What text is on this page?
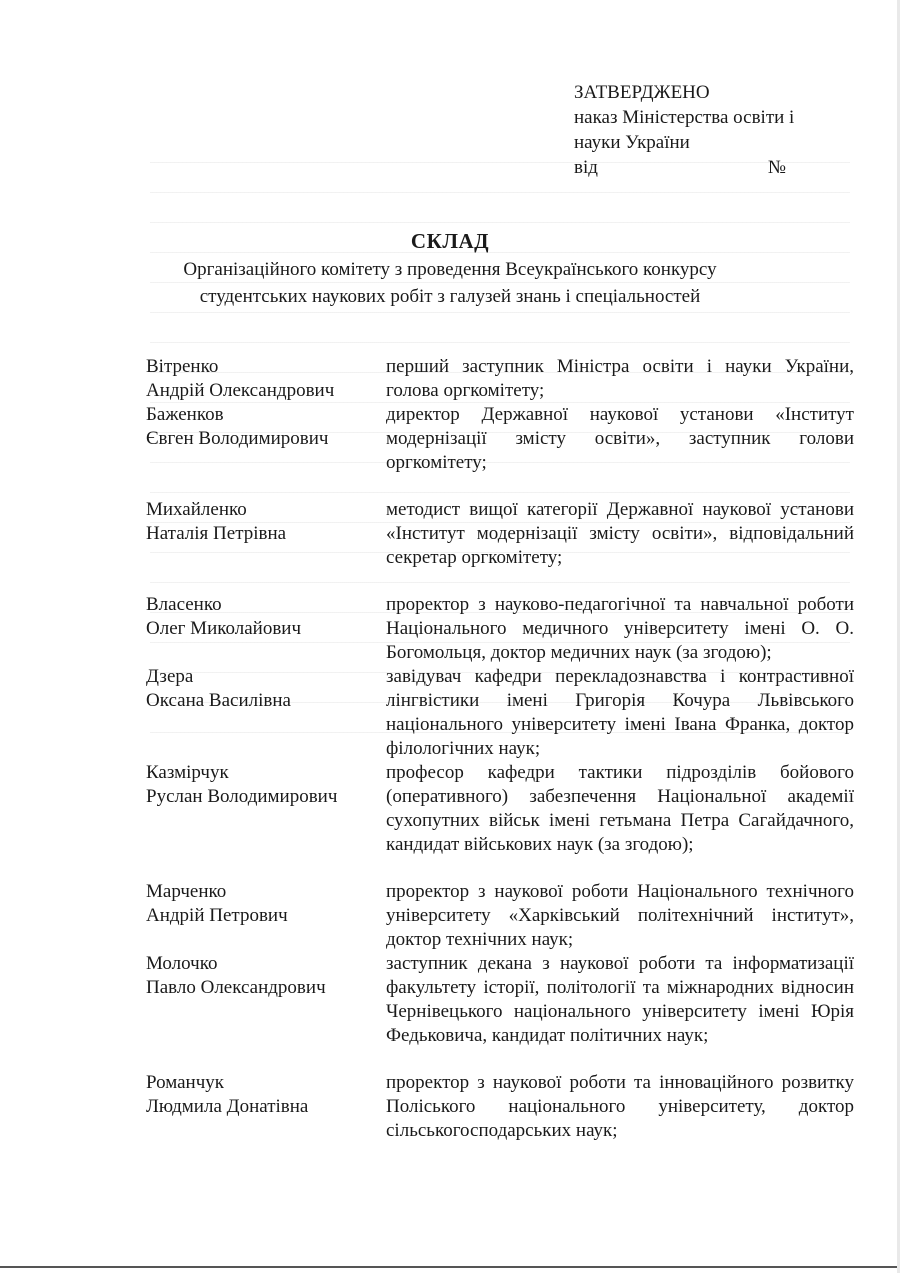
ЗАТВЕРДЖЕНО
наказ Міністерства освіти і
науки України
від	№
СКЛАД
Організаційного комітету з проведення Всеукраїнського конкурсу
студентських наукових робіт з галузей знань і спеціальностей
Вітренко
Андрій Олександрович
перший заступник Міністра освіти і науки України, голова оргкомітету;
Баженков
Євген Володимирович
директор Державної наукової установи «Інститут модернізації змісту освіти», заступник голови оргкомітету;
Михайленко
Наталія Петрівна
методист вищої категорії Державної наукової установи «Інститут модернізації змісту освіти», відповідальний секретар оргкомітету;
Власенко
Олег Миколайович
проректор з науково-педагогічної та навчальної роботи Національного медичного університету імені О. О. Богомольця, доктор медичних наук (за згодою);
Дзера
Оксана Василівна
завідувач кафедри перекладознавства і контрастивної лінгвістики імені Григорія Кочура Львівського національного університету імені Івана Франка, доктор філологічних наук;
Казмірчук
Руслан Володимирович
професор кафедри тактики підрозділів бойового (оперативного) забезпечення Національної академії сухопутних військ імені гетьмана Петра Сагайдачного, кандидат військових наук (за згодою);
Марченко
Андрій Петрович
проректор з наукової роботи Національного технічного університету «Харківський політехнічний інститут», доктор технічних наук;
Молочко
Павло Олександрович
заступник декана з наукової роботи та інформатизації факультету історії, політології та міжнародних відносин Чернівецького національного університету імені Юрія Федьковича, кандидат політичних наук;
Романчук
Людмила Донатівна
проректор з наукової роботи та інноваційного розвитку Поліського національного університету, доктор сільськогосподарських наук;
